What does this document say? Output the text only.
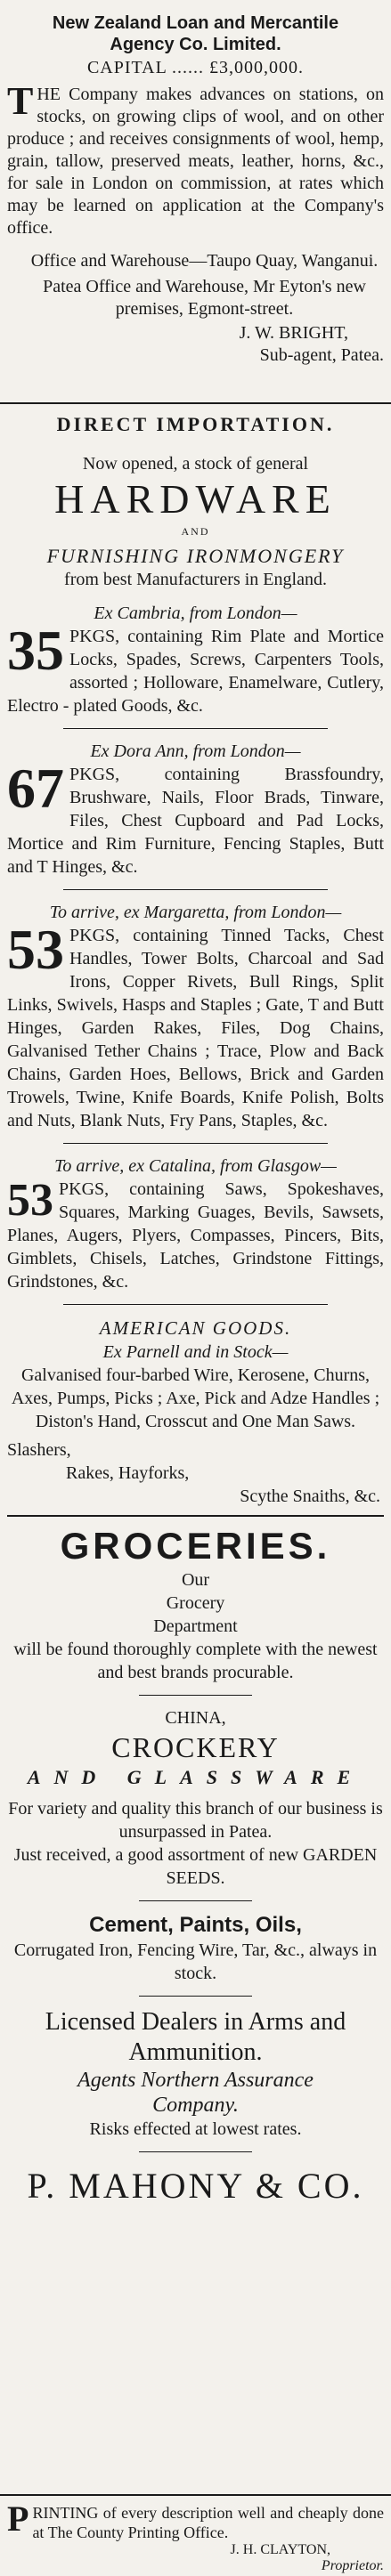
New Zealand Loan and Mercantile

Agency Co. Limited.

CAPITAL ...... £3,000,000.

THE Company makes advances on stations, on stocks, on growing clips of wool, and on other produce ; and receives consignments of wool, hemp, grain, tallow, preserved meats, leather, horns, &c., for sale in London on commission, at rates which may be learned on application at the Company's office.

Office and Warehouse—Taupo Quay, Wanganui.

Patea Office and Warehouse, Mr Eyton's new premises, Egmont-street.

J. W. BRIGHT,

Sub-agent, Patea.

DIRECT IMPORTATION.

Now opened, a stock of general

HARDWARE

AND

FURNISHING IRONMONGERY

from best Manufacturers in England.

Ex Cambria, from London—

35 PKGS, containing Rim Plate and Mortice Locks, Spades, Screws, Carpenters Tools, assorted ; Holloware, Enamelware, Cutlery, Electro - plated Goods, &c.

Ex Dora Ann, from London—

67 PKGS, containing Brassfoundry, Brushware, Nails, Floor Brads, Tinware, Files, Chest Cupboard and Pad Locks, Mortice and Rim Furniture, Fencing Staples, Butt and T Hinges, &c.

To arrive, ex Margaretta, from London—

53 PKGS, containing Tinned Tacks, Chest Handles, Tower Bolts, Charcoal and Sad Irons, Copper Rivets, Bull Rings, Split Links, Swivels, Hasps and Staples ; Gate, T and Butt Hinges, Garden Rakes, Files, Dog Chains, Galvanised Tether Chains ; Trace, Plow and Back Chains, Garden Hoes, Bellows, Brick and Garden Trowels, Twine, Knife Boards, Knife Polish, Bolts and Nuts, Blank Nuts, Fry Pans, Staples, &c.

To arrive, ex Catalina, from Glasgow—

53 PKGS, containing Saws, Spokeshaves, Squares, Marking Guages, Bevils, Sawsets, Planes, Augers, Plyers, Compasses, Pincers, Bits, Gimblets, Chisels, Latches, Grindstone Fittings, Grindstones, &c.

AMERICAN GOODS.

Ex Parnell and in Stock—

Galvanised four-barbed Wire, Kerosene, Churns, Axes, Pumps, Picks ; Axe, Pick and Adze Handles ; Diston's Hand, Crosscut and One Man Saws.

Slashers,

Rakes, Hayforks,

Scythe Snaiths, &c.

GROCERIES.

Our

Grocery

Department

will be found thoroughly complete with the newest and best brands procurable.

CHINA,

CROCKERY

AND GLASSWARE

For variety and quality this branch of our business is unsurpassed in Patea.

Just received, a good assortment of new GARDEN SEEDS.

Cement, Paints, Oils,

Corrugated Iron, Fencing Wire, Tar, &c., always in stock.

Licensed Dealers in Arms and

Ammunition.

Agents Northern Assurance

Company.

Risks effected at lowest rates.

P. MAHONY & CO.

PRINTING of every description well and cheaply done at The County Printing Office.

J. H. CLAYTON,

Proprietor.
